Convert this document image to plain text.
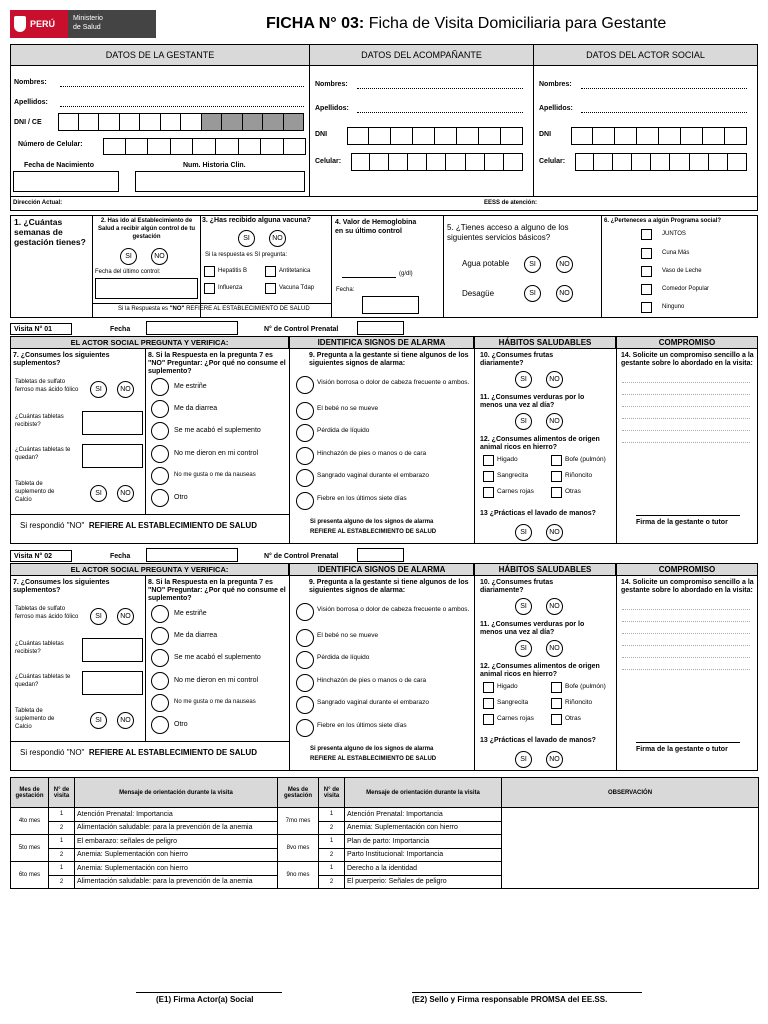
PERÚ
Ministerio
de Salud	FICHA N° 03: Ficha de Visita Domiciliaria para Gestante
DATOS DE LA GESTANTE	DATOS DEL ACOMPAÑANTE	DATOS DEL ACTOR SOCIAL
Nombres:
Apellidos:
DNI / CE
Número de Celular:
Fecha de Nacimiento	Num. Historia Clin.
Nombres:
Apellidos:
DNI
Celular:
Nombres:
Apellidos:
DNI
Celular:
Dirección Actual:	EESS de atención:
1. ¿Cuántas semanas de gestación tienes?
2. Has ido al Establecimiento de Salud a recibir algún control de tu gestación
SI	NO
Fecha del último control:
3. ¿Has recibido alguna vacuna?
SI	NO
Si la respuesta es SI pregunta:
Hepatitis B	Antitetanica
Influenza	Vacuna Tdap
Si la Respuesta es "NO" REFIERE AL ESTABLECIMIENTO DE SALUD
4. Valor de Hemoglobina en su último control
(g/dl)
Fecha:
5. ¿Tienes acceso a alguno de los siguientes servicios básicos?
Agua potable	SI	NO
Desagüe	SI	NO
6. ¿Perteneces a algún Programa social?
JUNTOS
Cuna Más
Vaso de Leche
Comedor Popular
Ninguno
Visita N° 01	Fecha	N° de Control Prenatal
EL ACTOR SOCIAL PREGUNTA Y VERIFICA:	IDENTIFICA SIGNOS DE ALARMA	HÁBITOS SALUDABLES	COMPROMISO
7. ¿Consumes los siguientes suplementos?
Tabletas de sulfato ferroso mas ácido fólico	SI	NO
¿Cuántas tabletas recibiste?
¿Cuántas tabletas te quedan?
Tableta de suplemento de Calcio
SI	NO
8. Si la Respuesta en la pregunta 7 es "NO" Preguntar: ¿Por qué no consume el suplemento?
Me estriñe
Me da diarrea
Se me acabó el suplemento
No me dieron en mi control
No me gusta o me da nauseas
Otro
Si respondió "NO" REFIERE AL ESTABLECIMIENTO DE SALUD
9. Pregunta a la gestante si tiene algunos de los siguientes signos de alarma:
Visión borrosa o dolor de cabeza frecuente o ambos.
El bebé no se mueve
Pérdida de líquido
Hinchazón de pies o manos o de cara
Sangrado vaginal durante el embarazo
Fiebre en los últimos siete días
Si presenta alguno de los signos de alarma
REFIERE AL ESTABLECIMIENTO DE SALUD
10. ¿Consumes frutas diariamente?
SI	NO
11. ¿Consumes verduras por lo menos una vez al día?
SI	NO
12. ¿Consumes alimentos de origen animal ricos en hierro?
Higado	Bofe (pulmón)
Sangrecita	Riñoncito
Carnes rojas	Otras
13 ¿Prácticas el lavado de manos?
SI	NO
14. Solicite un compromiso sencillo a la gestante sobre lo abordado en la visita:
Firma de la gestante o tutor
Visita N° 02	Fecha	N° de Control Prenatal
EL ACTOR SOCIAL PREGUNTA Y VERIFICA:	IDENTIFICA SIGNOS DE ALARMA	HÁBITOS SALUDABLES	COMPROMISO
7. ¿Consumes los siguientes suplementos?
Tabletas de sulfato ferroso mas ácido fólico	SI	NO
¿Cuántas tabletas recibiste?
¿Cuántas tabletas te quedan?
Tableta de suplemento de Calcio
SI	NO
8. Si la Respuesta en la pregunta 7 es "NO" Preguntar: ¿Por qué no consume el suplemento?
Me estriñe
Me da diarrea
Se me acabó el suplemento
No me dieron en mi control
No me gusta o me da nauseas
Otro
Si respondió "NO" REFIERE AL ESTABLECIMIENTO DE SALUD
9. Pregunta a la gestante si tiene algunos de los siguientes signos de alarma:
Visión borrosa o dolor de cabeza frecuente o ambos.
El bebé no se mueve
Pérdida de líquido
Hinchazón de pies o manos o de cara
Sangrado vaginal durante el embarazo
Fiebre en los últimos siete días
Si presenta alguno de los signos de alarma
REFIERE AL ESTABLECIMIENTO DE SALUD
10. ¿Consumes frutas diariamente?
SI	NO
11. ¿Consumes verduras por lo menos una vez al día?
SI	NO
12. ¿Consumes alimentos de origen animal ricos en hierro?
Higado	Bofe (pulmón)
Sangrecita	Riñoncito
Carnes rojas	Otras
13 ¿Prácticas el lavado de manos?
SI	NO
14. Solicite un compromiso sencillo a la gestante sobre lo abordado en la visita:
Firma de la gestante o tutor
Mes de gestación	N° de visita	Mensaje de orientación durante la visita	Mes de gestación	N° de visita	Mensaje de orientación durante la visita	OBSERVACIÓN
4to mes	1	Atención Prenatal: Importancia	7mo mes	1	Atención Prenatal: Importancia	
	2	Alimentación saludable: para la prevención de la anemia		2	Anemia: Suplementación con hierro	
5to mes	1	El embarazo: señales de peligro	8vo mes	1	Plan de parto: Importancia	
	2	Anemia: Suplementación con hierro		2	Parto Institucional: Importancia	
6to mes	1	Anemia: Suplementación con hierro	9no mes	1	Derecho a la identidad	
	2	Alimentación saludable: para la prevención de la anemia		2	El puerperio: Señales de peligro	
(E1) Firma Actor(a) Social	(E2) Sello y Firma responsable PROMSA del EE.SS.
